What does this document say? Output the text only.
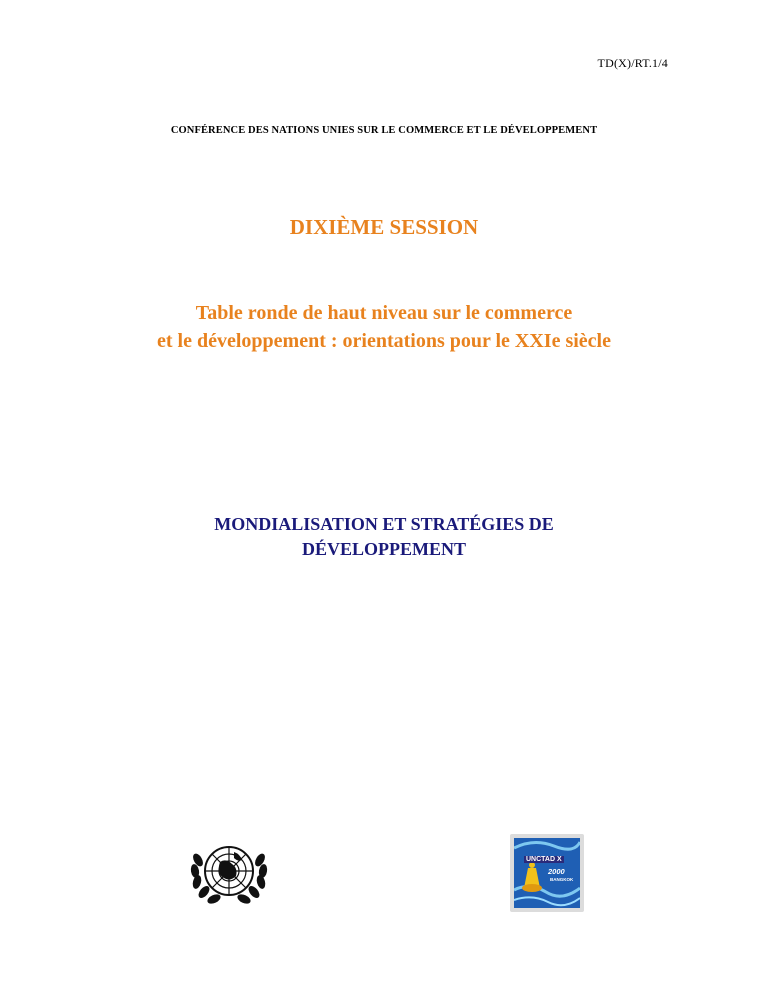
TD(X)/RT.1/4
CONFÉRENCE DES NATIONS UNIES SUR LE COMMERCE ET LE DÉVELOPPEMENT
DIXIÈME SESSION
Table ronde de haut niveau sur le commerce
et le développement : orientations pour le XXIe siècle
MONDIALISATION ET STRATÉGIES DE
DÉVELOPPEMENT
UNCTAD X
2000
BANGKOK
